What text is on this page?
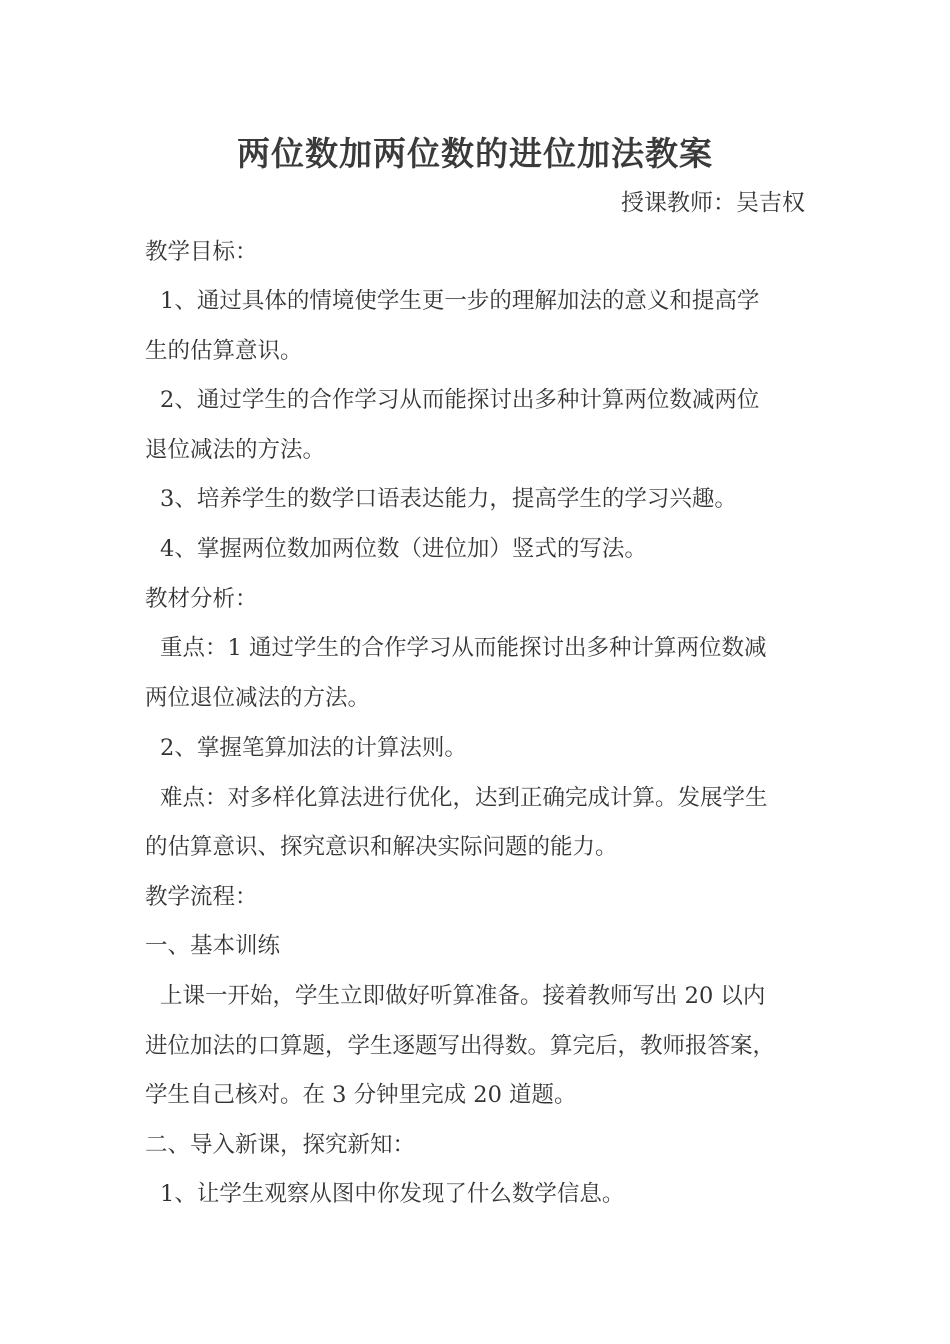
两位数加两位数的进位加法教案
授课教师：吴吉权
教学目标：
1、通过具体的情境使学生更一步的理解加法的意义和提高学
生的估算意识。
2、通过学生的合作学习从而能探讨出多种计算两位数减两位
退位减法的方法。
3、培养学生的数学口语表达能力，提高学生的学习兴趣。
4、掌握两位数加两位数（进位加）竖式的写法。
教材分析：
重点：1 通过学生的合作学习从而能探讨出多种计算两位数减
两位退位减法的方法。
2、掌握笔算加法的计算法则。
难点：对多样化算法进行优化，达到正确完成计算。发展学生
的估算意识、探究意识和解决实际问题的能力。
教学流程：
一、基本训练
上课一开始，学生立即做好听算准备。接着教师写出 20 以内
进位加法的口算题，学生逐题写出得数。算完后，教师报答案，
学生自己核对。在 3 分钟里完成 20 道题。
二、导入新课，探究新知：
1、让学生观察从图中你发现了什么数学信息。
